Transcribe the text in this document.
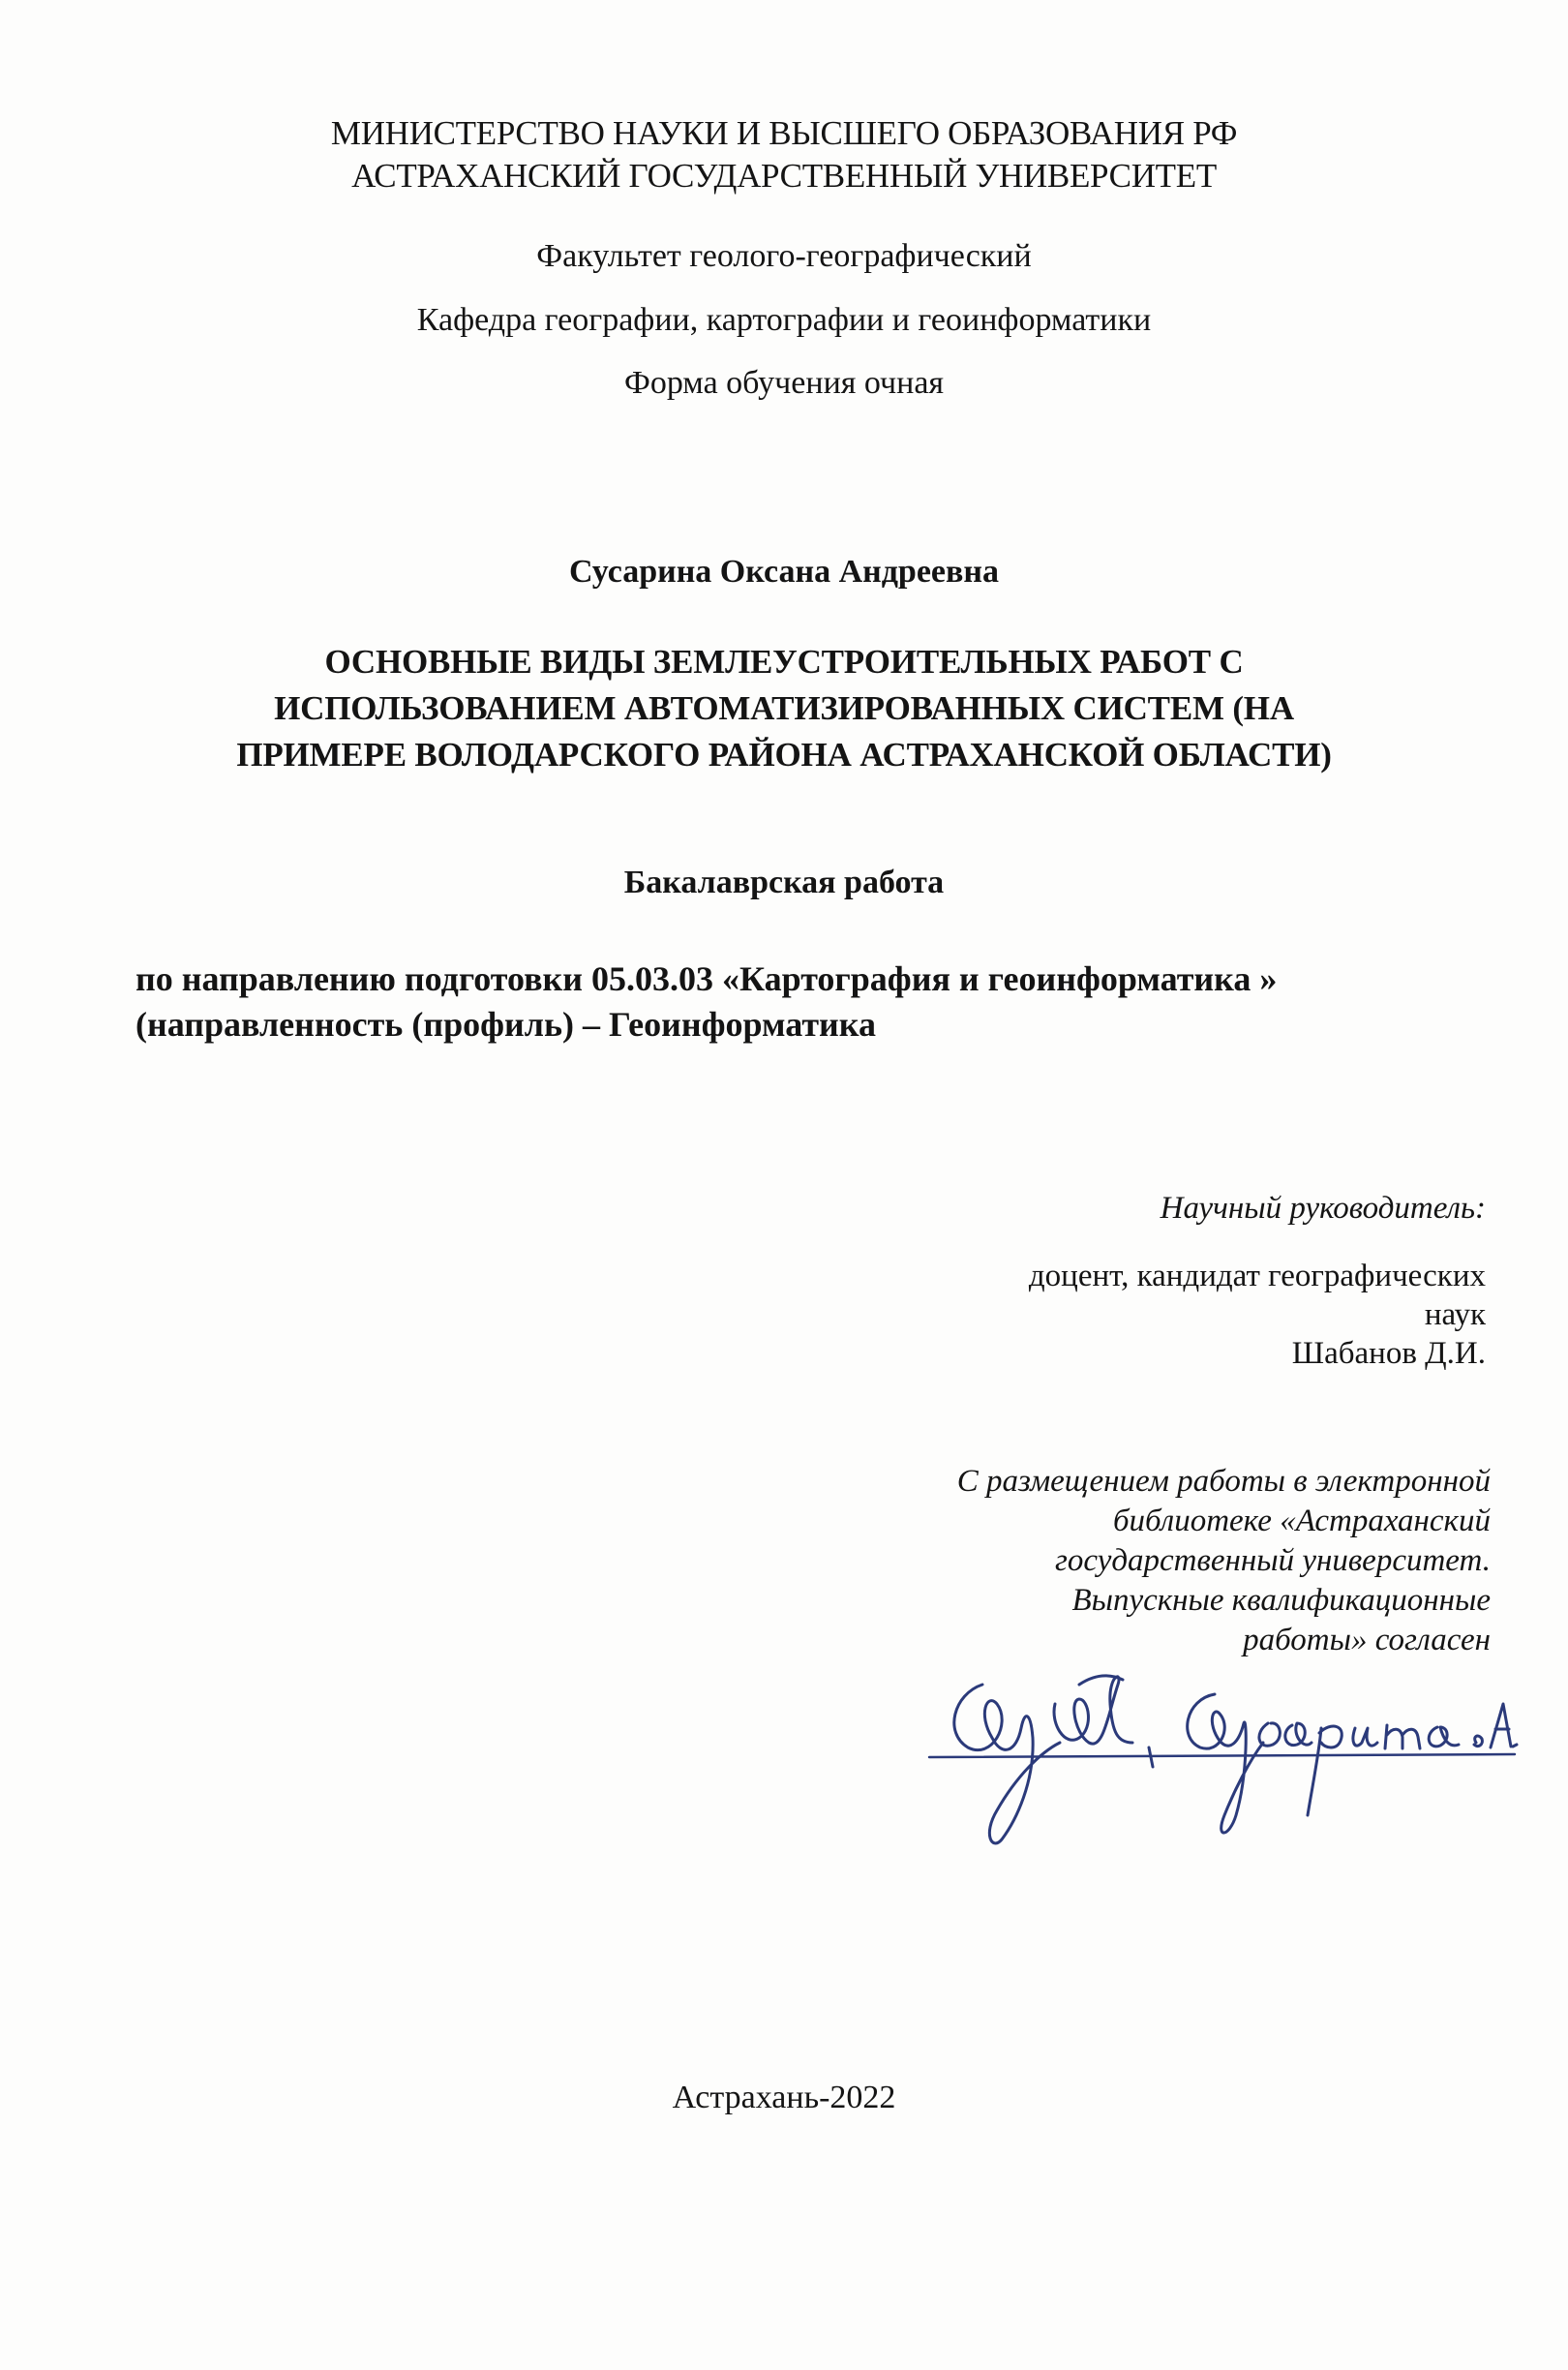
МИНИСТЕРСТВО НАУКИ И ВЫСШЕГО ОБРАЗОВАНИЯ РФ
АСТРАХАНСКИЙ ГОСУДАРСТВЕННЫЙ УНИВЕРСИТЕТ
Факультет геолого-географический
Кафедра географии, картографии и геоинформатики
Форма обучения очная
Сусарина Оксана Андреевна
ОСНОВНЫЕ ВИДЫ ЗЕМЛЕУСТРОИТЕЛЬНЫХ РАБОТ С
ИСПОЛЬЗОВАНИЕМ АВТОМАТИЗИРОВАННЫХ СИСТЕМ (НА
ПРИМЕРЕ ВОЛОДАРСКОГО РАЙОНА АСТРАХАНСКОЙ ОБЛАСТИ)
Бакалаврская работа
по направлению подготовки 05.03.03 «Картография и геоинформатика »
(направленность (профиль) – Геоинформатика
Научный руководитель:
доцент, кандидат географических
наук
Шабанов Д.И.
С размещением работы в электронной
библиотеке «Астраханский
государственный университет.
Выпускные квалификационные
работы» согласен
Астрахань-2022
